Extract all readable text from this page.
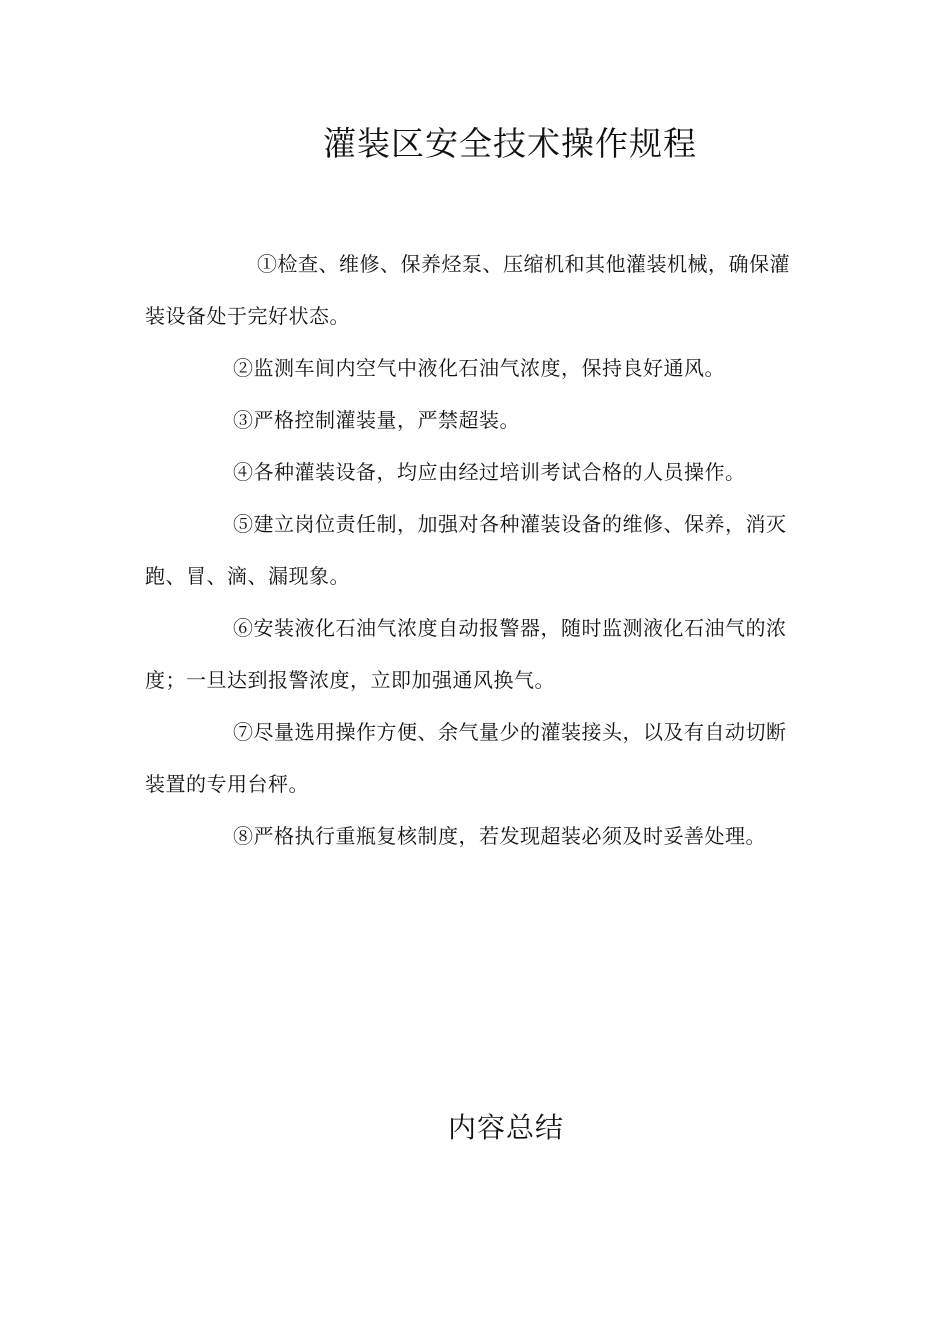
灌装区安全技术操作规程

①检查、维修、保养烃泵、压缩机和其他灌装机械，确保灌装设备处于完好状态。

②监测车间内空气中液化石油气浓度，保持良好通风。

③严格控制灌装量，严禁超装。

④各种灌装设备，均应由经过培训考试合格的人员操作。

⑤建立岗位责任制，加强对各种灌装设备的维修、保养，消灭跑、冒、滴、漏现象。

⑥安装液化石油气浓度自动报警器，随时监测液化石油气的浓度；一旦达到报警浓度，立即加强通风换气。

⑦尽量选用操作方便、余气量少的灌装接头，以及有自动切断装置的专用台秤。

⑧严格执行重瓶复核制度，若发现超装必须及时妥善处理。

内容总结
